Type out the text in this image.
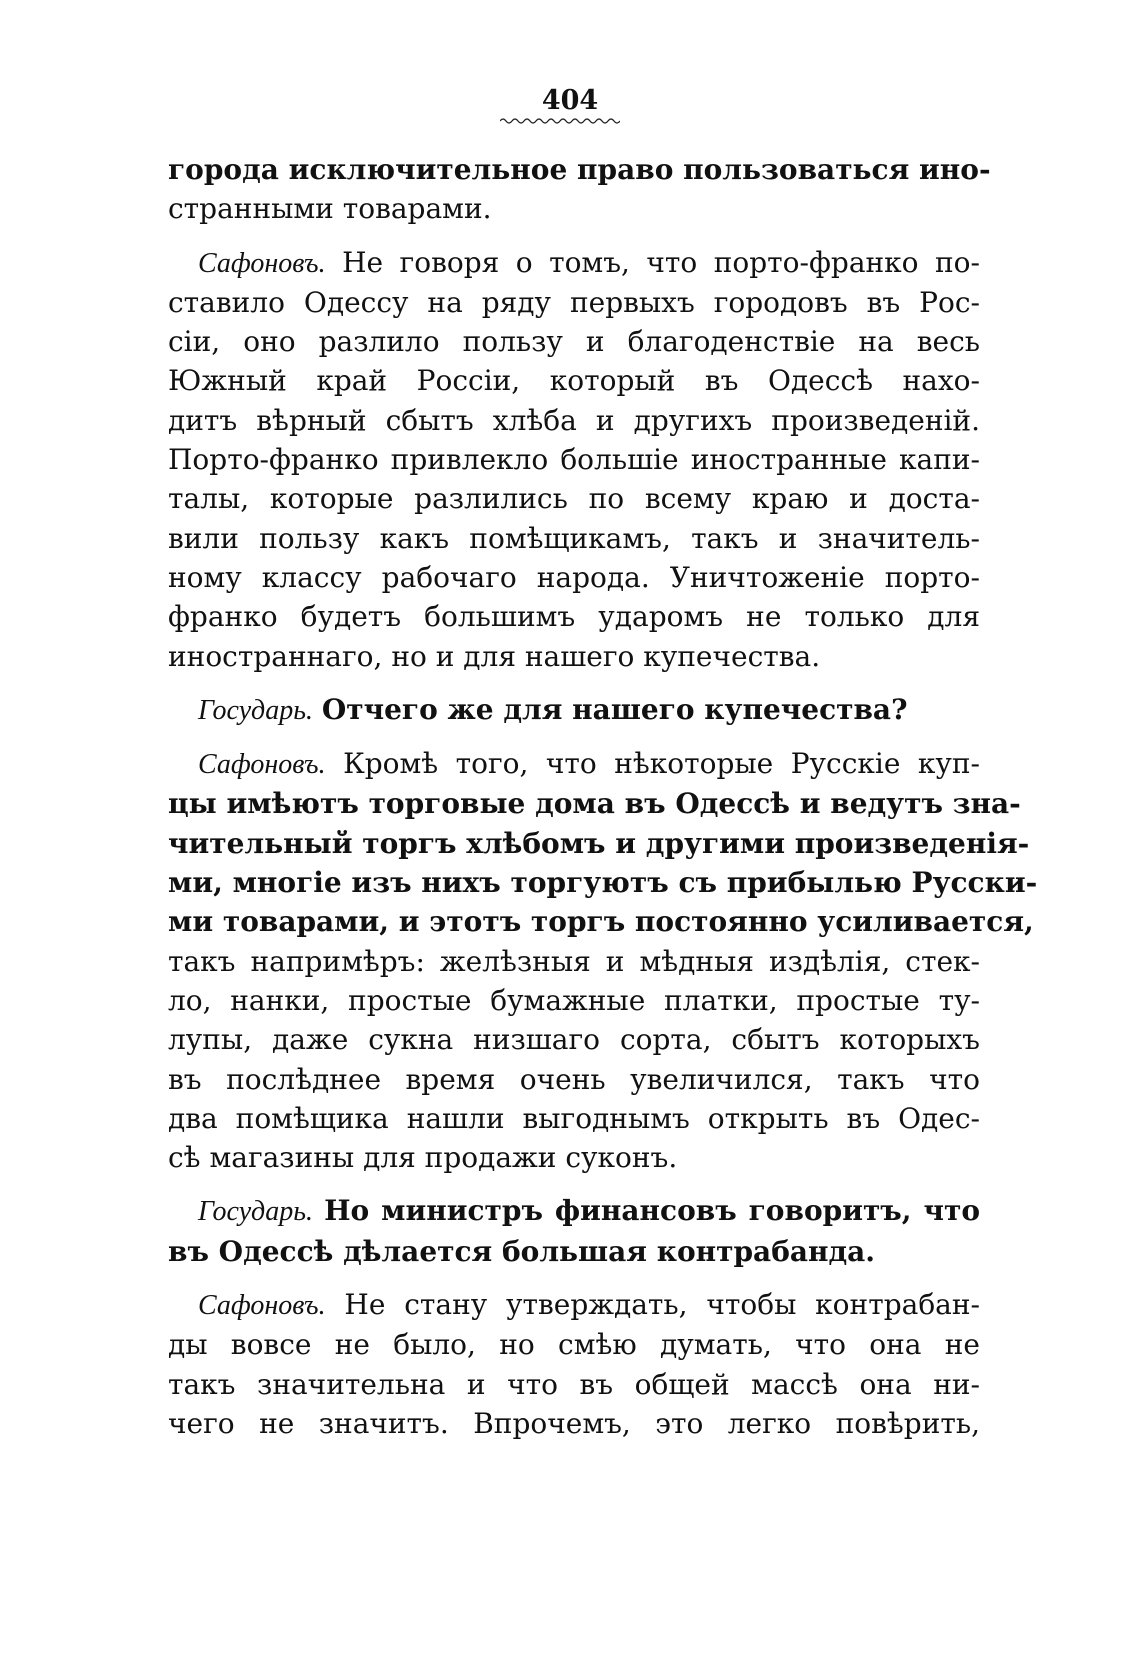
404

города исключительное право пользоваться ино-
странными товарами.

Сафоновъ. Не говоря о томъ, что порто-франко по-
ставило Одессу на ряду первыхъ городовъ въ Рос-
сіи, оно разлило пользу и благоденствіе на весь
Южный край Россіи, который въ Одессѣ нахо-
дитъ вѣрный сбытъ хлѣба и другихъ произведеній.
Порто-франко привлекло большіе иностранные капи-
талы, которые разлились по всему краю и доста-
вили пользу какъ помѣщикамъ, такъ и значитель-
ному классу рабочаго народа. Уничтоженіе порто-
франко будетъ большимъ ударомъ не только для
иностраннаго, но и для нашего купечества.

Государь. Отчего же для нашего купечества?

Сафоновъ. Кромѣ того, что нѣкоторые Русскіе куп-
цы имѣютъ торговые дома въ Одессѣ и ведутъ зна-
чительный торгъ хлѣбомъ и другими произведенія-
ми, многіе изъ нихъ торгуютъ съ прибылью Русски-
ми товарами, и этотъ торгъ постоянно усиливается,
такъ напримѣръ: желѣзныя и мѣдныя издѣлія, стек-
ло, нанки, простые бумажные платки, простые ту-
лупы, даже сукна низшаго сорта, сбытъ которыхъ
въ послѣднее время очень увеличился, такъ что
два помѣщика нашли выгоднымъ открыть въ Одес-
сѣ магазины для продажи суконъ.

Государь. Но министръ финансовъ говоритъ, что
въ Одессѣ дѣлается большая контрабанда.

Сафоновъ. Не стану утверждать, чтобы контрабан-
ды вовсе не было, но смѣю думать, что она не
такъ значительна и что въ общей массѣ она ни-
чего не значитъ. Впрочемъ, это легко повѣрить,
